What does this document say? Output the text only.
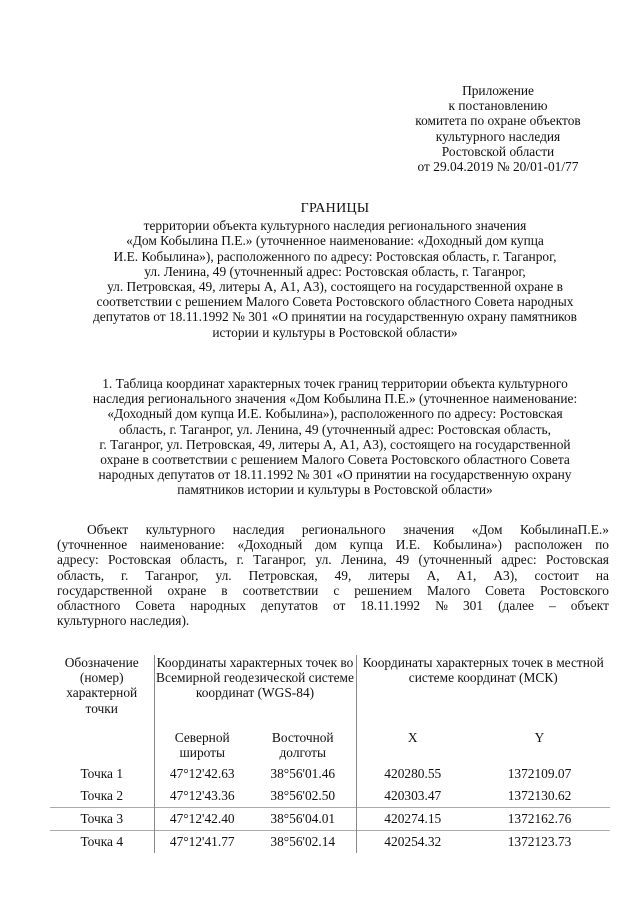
Приложение
к постановлению
комитета по охране объектов
культурного наследия
Ростовской области
от 29.04.2019 № 20/01-01/77
ГРАНИЦЫ
территории объекта культурного наследия регионального значения
«Дом Кобылина П.Е.» (уточненное наименование: «Доходный дом купца
И.Е. Кобылина»), расположенного по адресу: Ростовская область, г. Таганрог,
ул. Ленина, 49 (уточненный адрес: Ростовская область, г. Таганрог,
ул. Петровская, 49, литеры А, А1, А3), состоящего на государственной охране в
соответствии с решением Малого Совета Ростовского областного Совета народных
депутатов от 18.11.1992 № 301 «О принятии на государственную охрану памятников
истории и культуры в Ростовской области»
1. Таблица координат характерных точек границ территории объекта культурного
наследия регионального значения «Дом Кобылина П.Е.» (уточненное наименование:
«Доходный дом купца И.Е. Кобылина»), расположенного по адресу: Ростовская
область, г. Таганрог, ул. Ленина, 49 (уточненный адрес: Ростовская область,
г. Таганрог, ул. Петровская, 49, литеры А, А1, А3), состоящего на государственной
охране в соответствии с решением Малого Совета Ростовского областного Совета
народных депутатов от 18.11.1992 № 301 «О принятии на государственную охрану
памятников истории и культуры в Ростовской области»
Объект культурного наследия регионального значения «Дом КобылинаП.Е.»
(уточненное наименование: «Доходный дом купца И.Е. Кобылина») расположен по
адресу: Ростовская область, г. Таганрог, ул. Ленина, 49 (уточненный адрес: Ростовская
область, г. Таганрог, ул. Петровская, 49, литеры А, А1, А3), состоит на
государственной охране в соответствии с решением Малого Совета Ростовского
областного Совета народных депутатов от 18.11.1992 № 301 (далее – объект
культурного наследия).
Обозначение (номер) характерной точки	Координаты характерных точек во Всемирной геодезической системе координат (WGS-84)		Координаты характерных точек в местной системе координат (МСК)	
	Северной широты	Восточной долготы	X	Y
Точка 1	47°12'42.63	38°56'01.46	420280.55	1372109.07
Точка 2	47°12'43.36	38°56'02.50	420303.47	1372130.62
Точка 3	47°12'42.40	38°56'04.01	420274.15	1372162.76
Точка 4	47°12'41.77	38°56'02.14	420254.32	1372123.73
